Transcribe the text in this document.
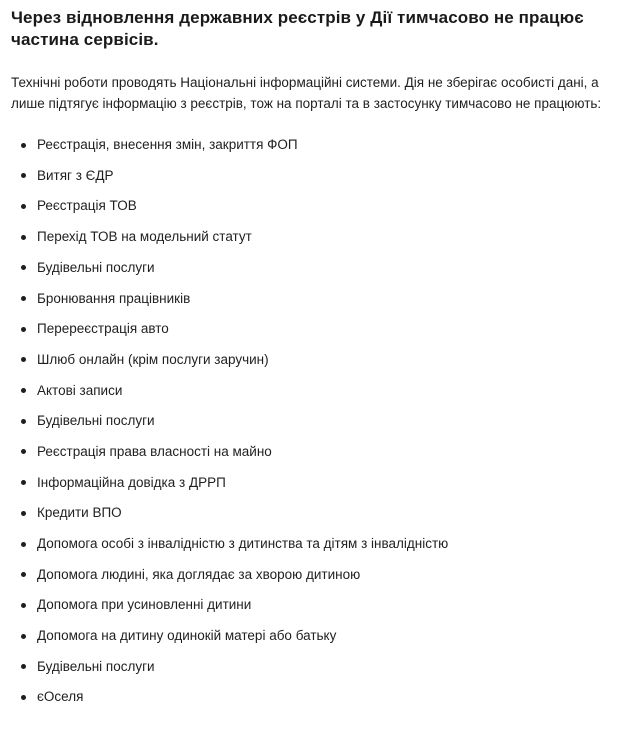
Через відновлення державних реєстрів у Дії тимчасово не працює частина сервісів.

Технічні роботи проводять Національні інформаційні системи. Дія не зберігає особисті дані, а лише підтягує інформацію з реєстрів, тож на порталі та в застосунку тимчасово не працюють:

Реєстрація, внесення змін, закриття ФОП
Витяг з ЄДР
Реєстрація ТОВ
Перехід ТОВ на модельний статут
Будівельні послуги
Бронювання працівників
Перереєстрація авто
Шлюб онлайн (крім послуги заручин)
Актові записи
Будівельні послуги
Реєстрація права власності на майно
Інформаційна довідка з ДРРП
Кредити ВПО
Допомога особі з інвалідністю з дитинства та дітям з інвалідністю
Допомога людині, яка доглядає за хворою дитиною
Допомога при усиновленні дитини
Допомога на дитину одинокій матері або батьку
Будівельні послуги
єОселя
